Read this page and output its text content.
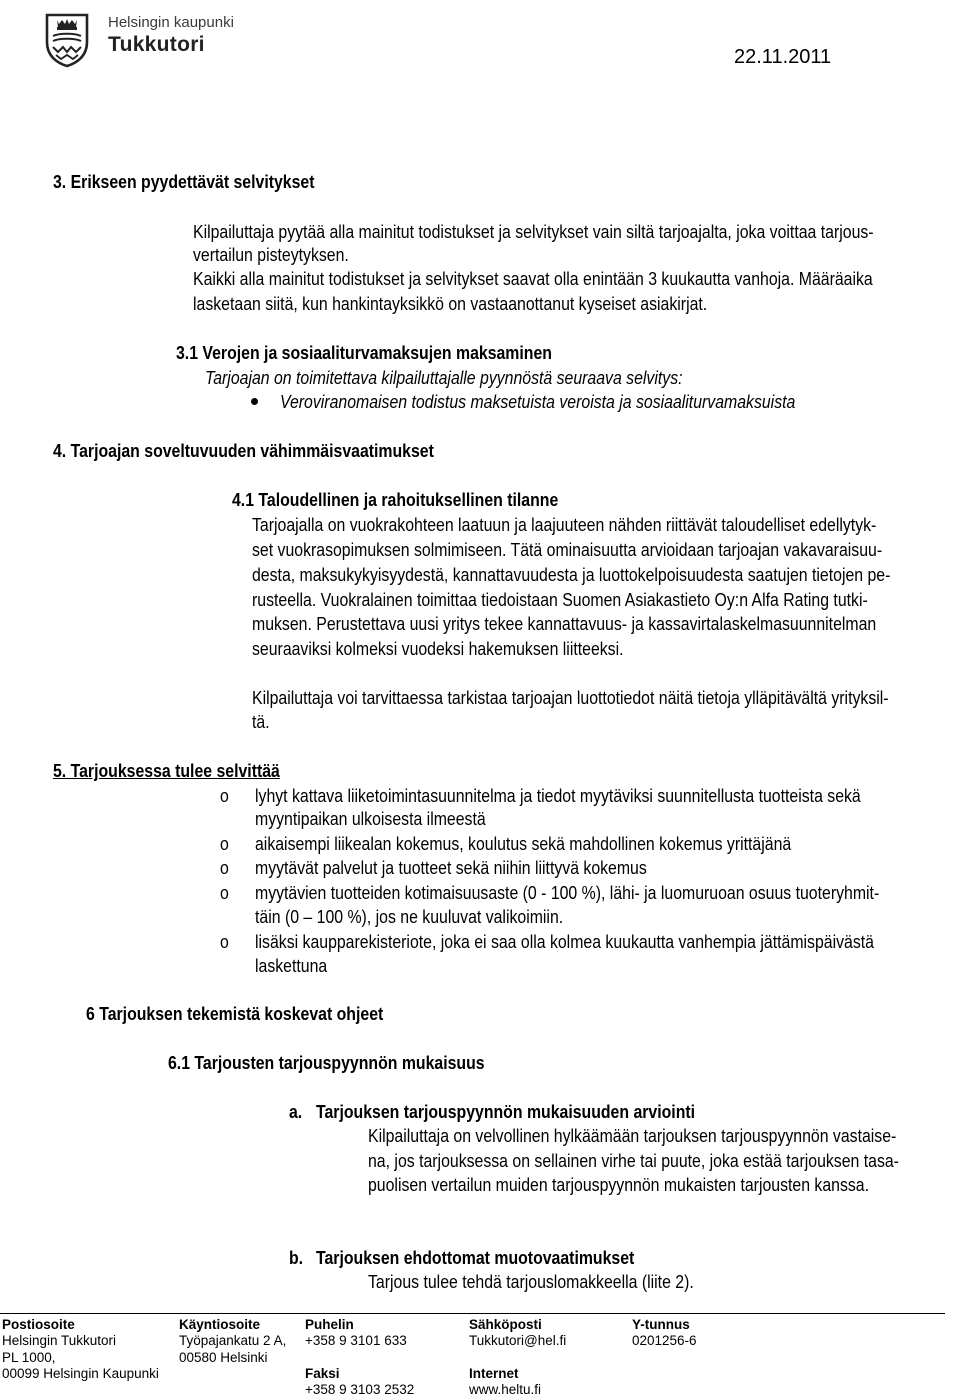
Helsingin kaupunki
Tukkutori
22.11.2011
3. Erikseen pyydettävät selvitykset
Kilpailuttaja pyytää alla mainitut todistukset ja selvitykset vain siltä tarjoajalta, joka voittaa tarjous-
vertailun pisteytyksen.
Kaikki alla mainitut todistukset ja selvitykset saavat olla enintään 3 kuukautta vanhoja. Määräaika
lasketaan siitä, kun hankintayksikkö on vastaanottanut kyseiset asiakirjat.
3.1 Verojen ja sosiaaliturvamaksujen maksaminen
Tarjoajan on toimitettava kilpailuttajalle pyynnöstä seuraava selvitys:
Veroviranomaisen todistus maksetuista veroista ja sosiaaliturvamaksuista
4. Tarjoajan soveltuvuuden vähimmäisvaatimukset
4.1 Taloudellinen ja rahoituksellinen tilanne
Tarjoajalla on vuokrakohteen laatuun ja laajuuteen nähden riittävät taloudelliset edellytyk-
set vuokrasopimuksen solmimiseen. Tätä ominaisuutta arvioidaan tarjoajan vakavaraisuu-
desta, maksukykyisyydestä, kannattavuudesta ja luottokelpoisuudesta saatujen tietojen pe-
rusteella. Vuokralainen toimittaa tiedoistaan Suomen Asiakastieto Oy:n Alfa Rating tutki-
muksen. Perustettava uusi yritys tekee kannattavuus- ja kassavirtalaskelmasuunnitelman
seuraaviksi kolmeksi vuodeksi hakemuksen liitteeksi.
Kilpailuttaja voi tarvittaessa tarkistaa tarjoajan luottotiedot näitä tietoja ylläpitävältä yrityksil-
tä.
5. Tarjouksessa tulee selvittää
o lyhyt kattava liiketoimintasuunnitelma ja tiedot myytäviksi suunnitellusta tuotteista sekä
myyntipaikan ulkoisesta ilmeestä
o aikaisempi liikealan kokemus, koulutus sekä mahdollinen kokemus yrittäjänä
o myytävät palvelut ja tuotteet sekä niihin liittyvä kokemus
o myytävien tuotteiden kotimaisuusaste (0 - 100 %), lähi- ja luomuruoan osuus tuoteryhmit-
täin (0 – 100 %), jos ne kuuluvat valikoimiin.
o lisäksi kaupparekisteriote, joka ei saa olla kolmea kuukautta vanhempia jättämispäivästä
laskettuna
6 Tarjouksen tekemistä koskevat ohjeet
6.1 Tarjousten tarjouspyynnön mukaisuus
a. Tarjouksen tarjouspyynnön mukaisuuden arviointi
Kilpailuttaja on velvollinen hylkäämään tarjouksen tarjouspyynnön vastaise-
na, jos tarjouksessa on sellainen virhe tai puute, joka estää tarjouksen tasa-
puolisen vertailun muiden tarjouspyynnön mukaisten tarjousten kanssa.
b. Tarjouksen ehdottomat muotovaatimukset
Tarjous tulee tehdä tarjouslomakkeella (liite 2).
Postiosoite
Helsingin Tukkutori
PL 1000,
00099 Helsingin Kaupunki
Käyntiosoite
Työpajankatu 2 A,
00580 Helsinki
Puhelin
+358 9 3101 633

Faksi
+358 9 3103 2532
Sähköposti
Tukkutori@hel.fi

Internet
www.heltu.fi
Y-tunnus
0201256-6
